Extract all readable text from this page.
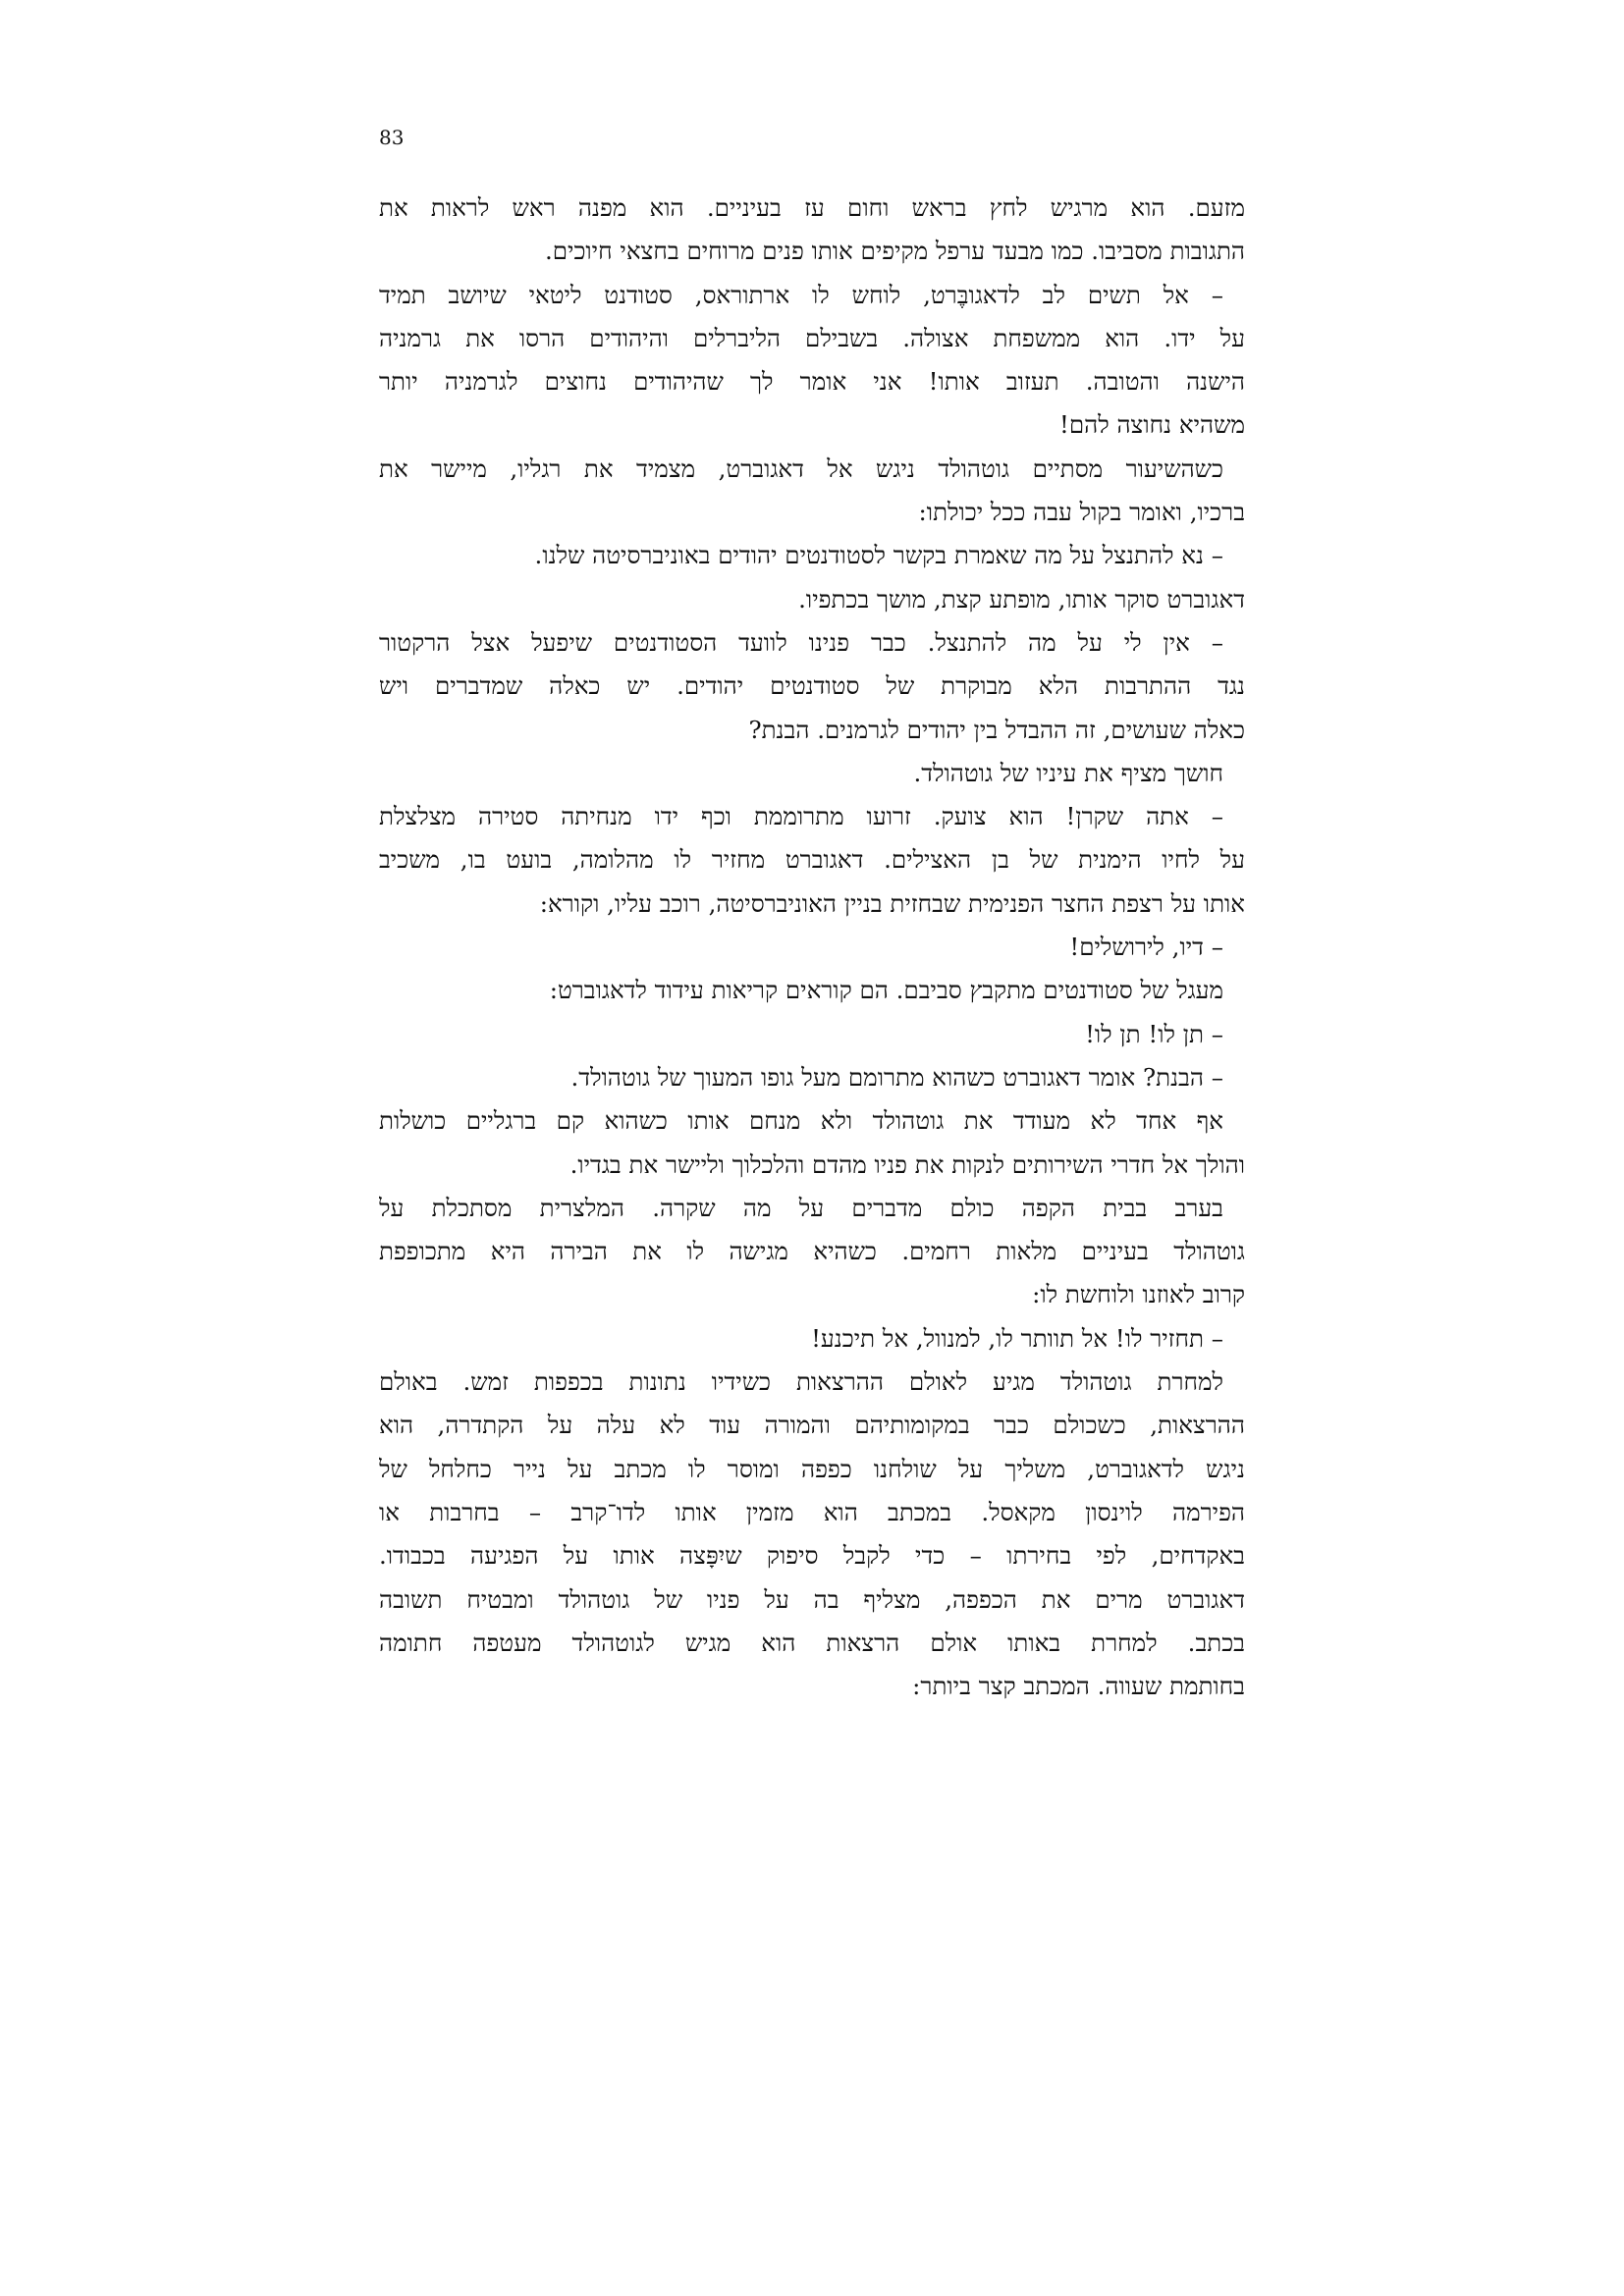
83
מזעם. הוא מרגיש לחץ בראש וחום עז בעיניים. הוא מפנה ראש לראות את
התגובות מסביבו. כמו מבעד ערפל מקיפים אותו פנים מרוחים בחצאי חיוכים.
– אל תשים לב לדאגובֶּרט, לוחש לו ארתוראס, סטודנט ליטאי שיושב תמיד
על ידו. הוא ממשפחת אצולה. בשבילם הליברלים והיהודים הרסו את גרמניה
הישנה והטובה. תעזוב אותו! אני אומר לך שהיהודים נחוצים לגרמניה יותר
משהיא נחוצה להם!
כשהשיעור מסתיים גוטהולד ניגש אל דאגוברט, מצמיד את רגליו, מיישר את
ברכיו, ואומר בקול עבה ככל יכולתו:
– נא להתנצל על מה שאמרת בקשר לסטודנטים יהודים באוניברסיטה שלנו.
דאגוברט סוקר אותו, מופתע קצת, מושך בכתפיו.
– אין לי על מה להתנצל. כבר פנינו לוועד הסטודנטים שיפעל אצל הרקטור
נגד ההתרבות הלא מבוקרת של סטודנטים יהודים. יש כאלה שמדברים ויש
כאלה שעושים, זה ההבדל בין יהודים לגרמנים. הבנת?
חושך מציף את עיניו של גוטהולד.
– אתה שקרן! הוא צועק. זרועו מתרוממת וכף ידו מנחיתה סטירה מצלצלת
על לחיו הימנית של בן האצילים. דאגוברט מחזיר לו מהלומה, בועט בו, משכיב
אותו על רצפת החצר הפנימית שבחזית בניין האוניברסיטה, רוכב עליו, וקורא:
– דיו, לירושלים!
מעגל של סטודנטים מתקבץ סביבם. הם קוראים קריאות עידוד לדאגוברט:
– תן לו! תן לו!
– הבנת? אומר דאגוברט כשהוא מתרומם מעל גופו המעוך של גוטהולד.
אף אחד לא מעודד את גוטהולד ולא מנחם אותו כשהוא קם ברגליים כושלות
והולך אל חדרי השירותים לנקות את פניו מהדם והלכלוך וליישר את בגדיו.
בערב בבית הקפה כולם מדברים על מה שקרה. המלצרית מסתכלת על
גוטהולד בעיניים מלאות רחמים. כשהיא מגישה לו את הבירה היא מתכופפת
קרוב לאוזנו ולוחשת לו:
– תחזיר לו! אל תוותר לו, למנוול, אל תיכנע!
למחרת גוטהולד מגיע לאולם ההרצאות כשידיו נתונות בכפפות זמש. באולם
ההרצאות, כשכולם כבר במקומותיהם והמורה עוד לא עלה על הקתדרה, הוא
ניגש לדאגוברט, משליך על שולחנו כפפה ומוסר לו מכתב על נייר כחלחל של
הפירמה לוינסון מקאסל. במכתב הוא מזמין אותו לדו־קרב – בחרבות או
באקדחים, לפי בחירתו – כדי לקבל סיפוק שיִפָּצה אותו על הפגיעה בכבודו.
דאגוברט מרים את הכפפה, מצליף בה על פניו של גוטהולד ומבטיח תשובה
בכתב. למחרת באותו אולם הרצאות הוא מגיש לגוטהולד מעטפה חתומה
בחותמת שעווה. המכתב קצר ביותר:
